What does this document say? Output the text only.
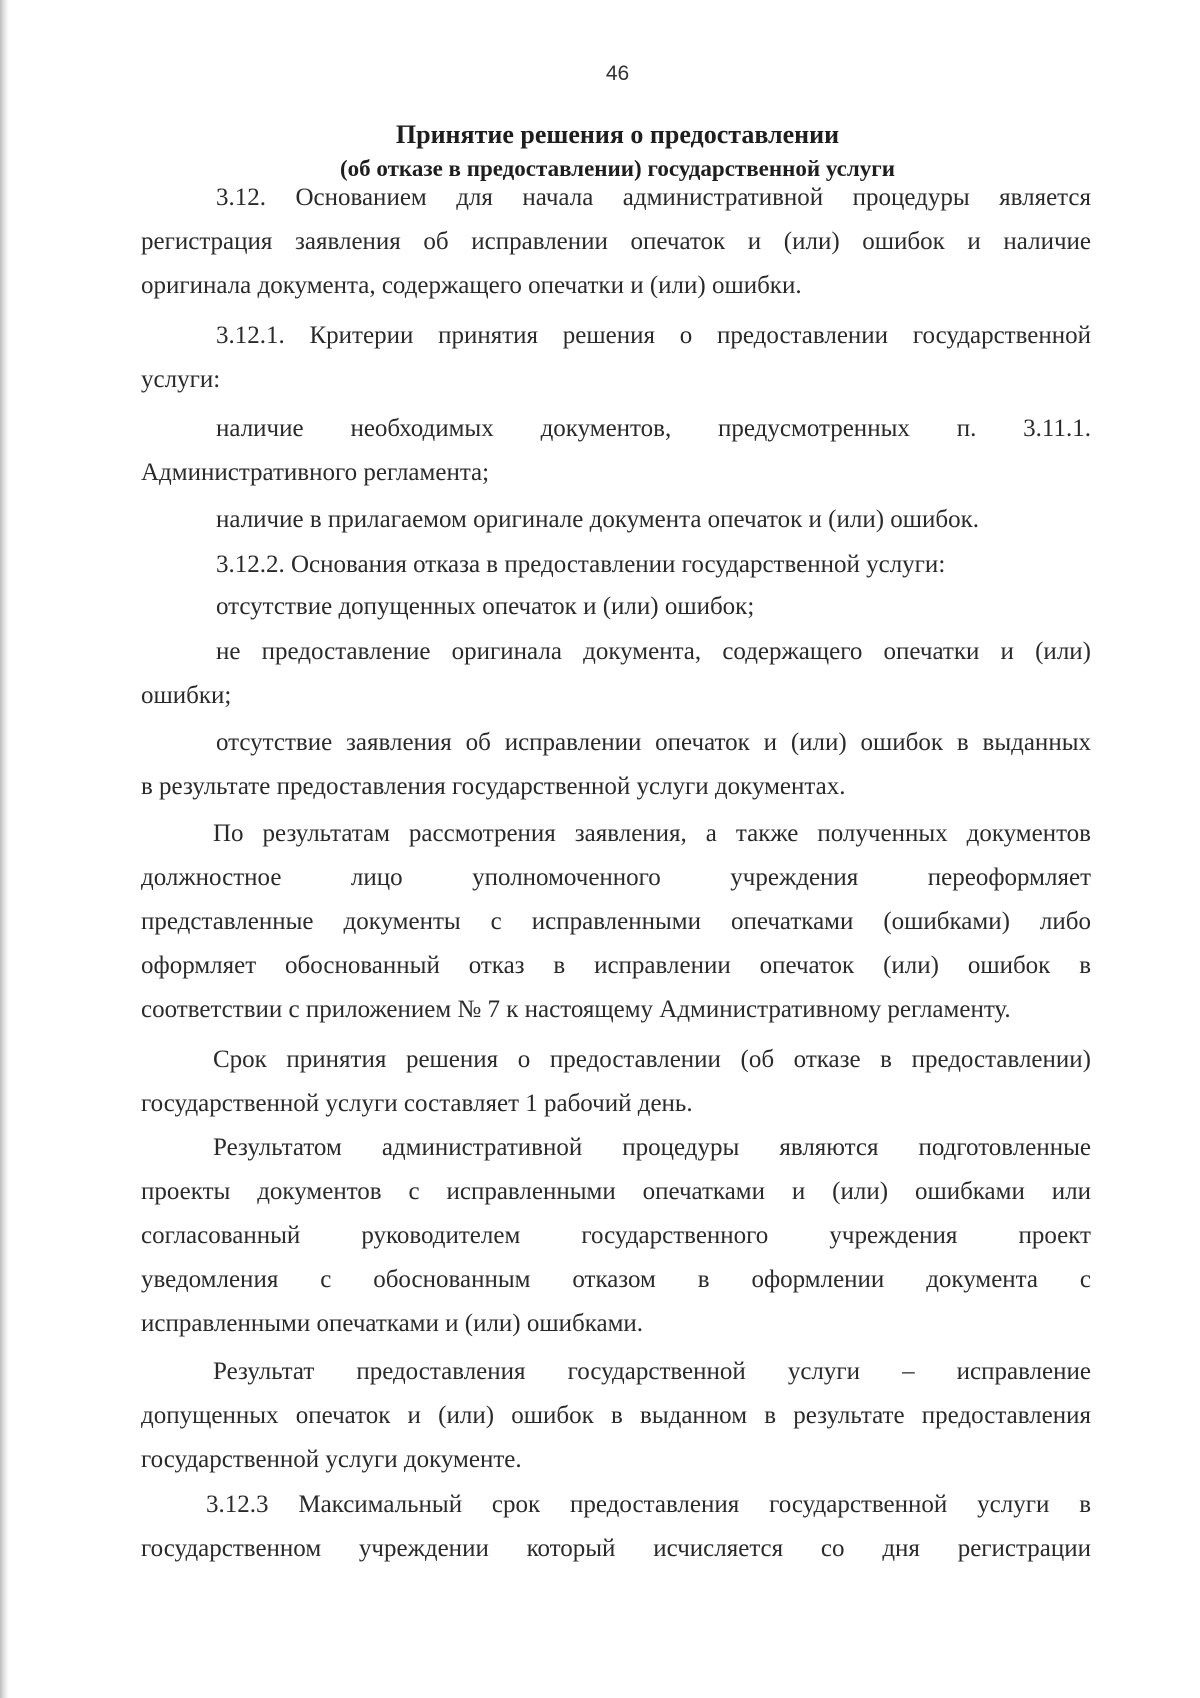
46
Принятие решения о предоставлении
(об отказе в предоставлении) государственной услуги
3.12. Основанием для начала административной процедуры является
регистрация заявления об исправлении опечаток и (или) ошибок и наличие
оригинала документа, содержащего опечатки и (или) ошибки.
3.12.1. Критерии принятия решения о предоставлении государственной
услуги:
наличие необходимых документов, предусмотренных п. 3.11.1.
Административного регламента;
наличие в прилагаемом оригинале документа опечаток и (или) ошибок.
3.12.2. Основания отказа в предоставлении государственной услуги:
отсутствие допущенных опечаток и (или) ошибок;
не предоставление оригинала документа, содержащего опечатки и (или)
ошибки;
отсутствие заявления об исправлении опечаток и (или) ошибок в выданных
в результате предоставления государственной услуги документах.
По результатам рассмотрения заявления, а также полученных документов
должностное лицо уполномоченного учреждения переоформляет
представленные документы с исправленными опечатками (ошибками) либо
оформляет обоснованный отказ в исправлении опечаток (или) ошибок в
соответствии с приложением № 7 к настоящему Административному регламенту.
Срок принятия решения о предоставлении (об отказе в предоставлении)
государственной услуги составляет 1 рабочий день.
Результатом административной процедуры являются подготовленные
проекты документов с исправленными опечатками и (или) ошибками или
согласованный руководителем государственного учреждения проект
уведомления с обоснованным отказом в оформлении документа с
исправленными опечатками и (или) ошибками.
Результат предоставления государственной услуги – исправление
допущенных опечаток и (или) ошибок в выданном в результате предоставления
государственной услуги документе.
3.12.3 Максимальный срок предоставления государственной услуги в
государственном учреждении который исчисляется со дня регистрации
